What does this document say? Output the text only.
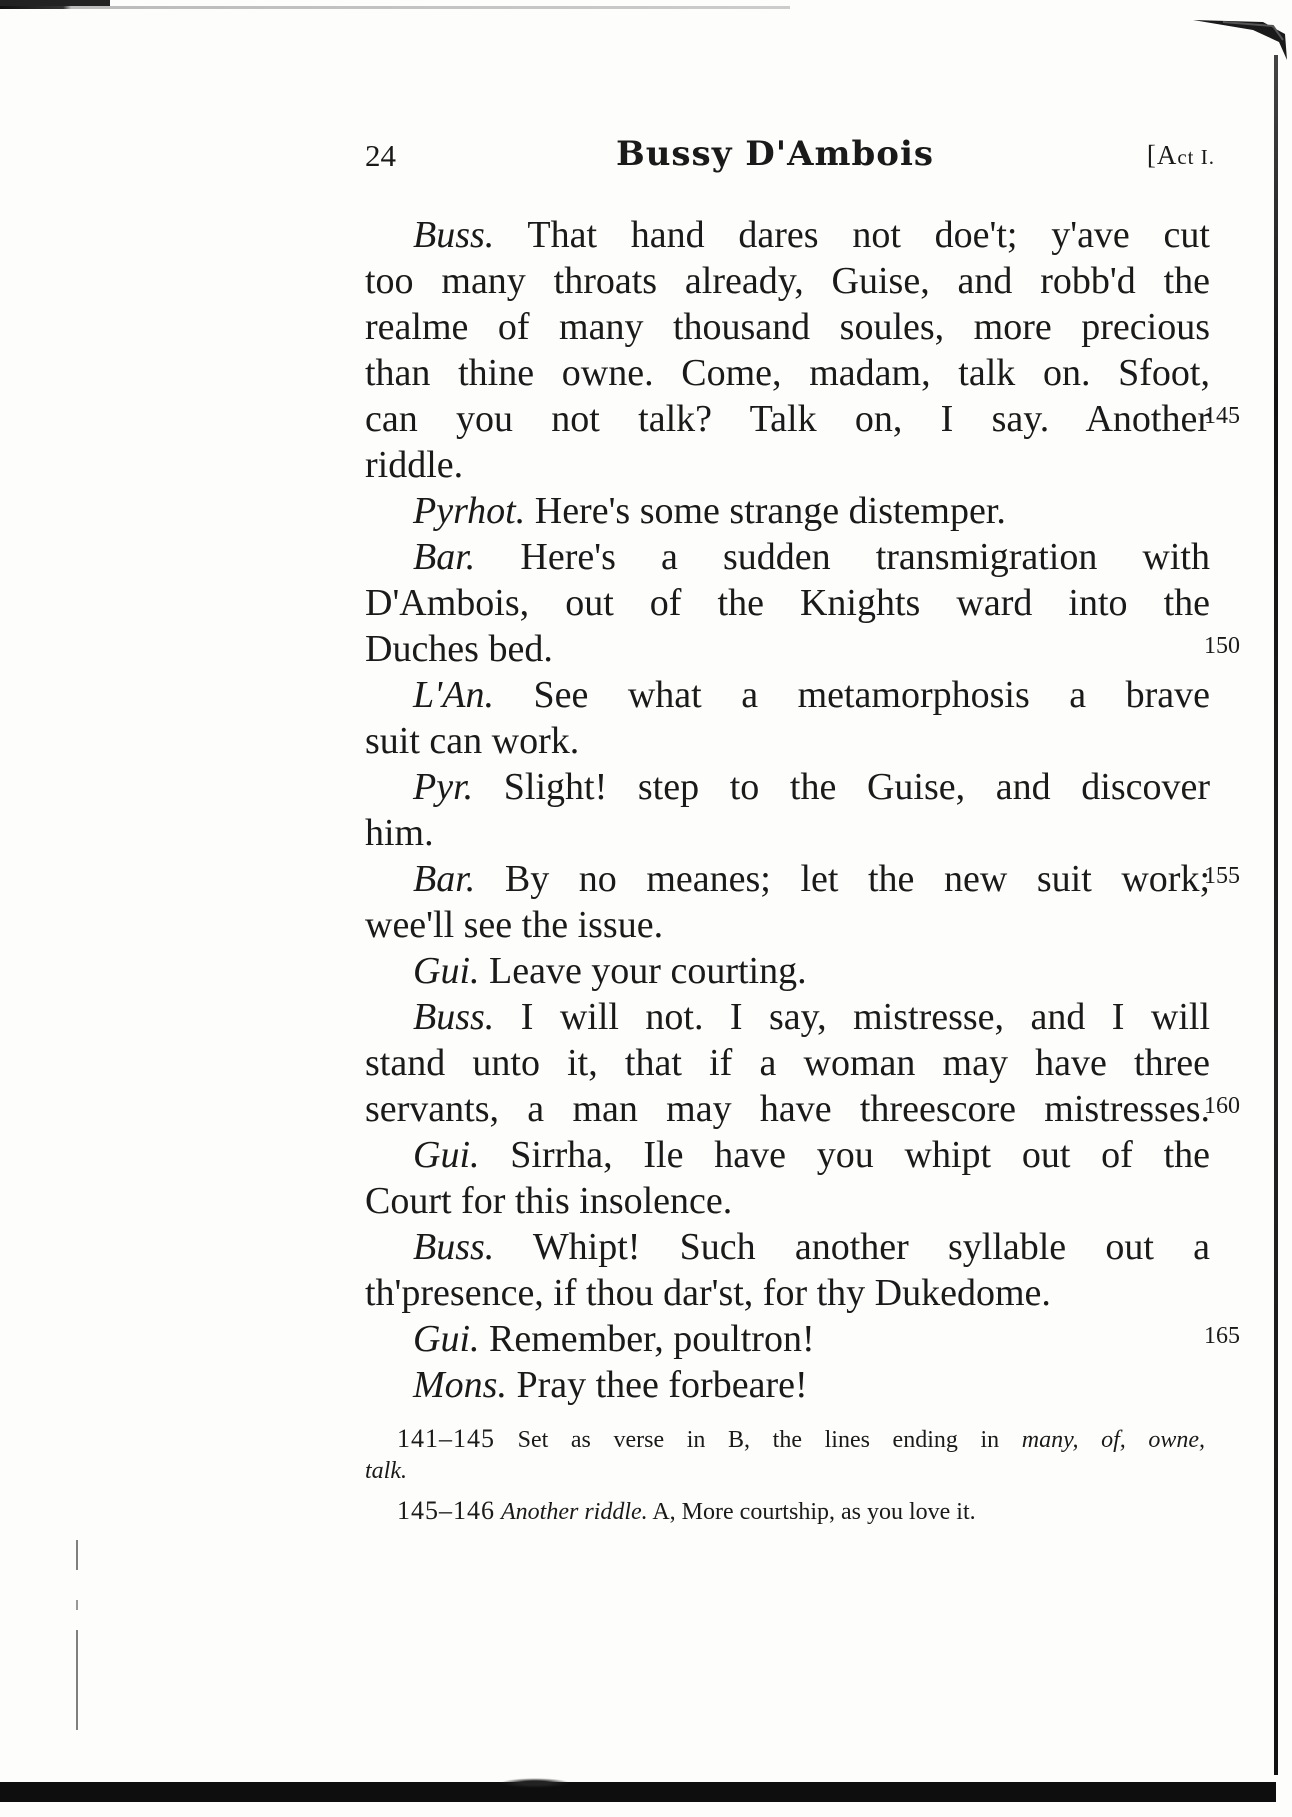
24	Bussy D'Ambois	[Act I.
Buss. That hand dares not doe't; y'ave cut
too many throats already, Guise, and robb'd the
realme of many thousand soules, more precious
than thine owne. Come, madam, talk on. Sfoot,
can you not talk? Talk on, I say. Another
145
riddle.
Pyrhot. Here's some strange distemper.
Bar. Here's a sudden transmigration with
D'Ambois, out of the Knights ward into the
Duches bed.	150
L'An. See what a metamorphosis a brave
suit can work.
Pyr. Slight! step to the Guise, and discover
him.
Bar. By no meanes; let the new suit work;
155
wee'll see the issue.
Gui. Leave your courting.
Buss. I will not. I say, mistresse, and I will
stand unto it, that if a woman may have three
servants, a man may have threescore mistresses.
160
Gui. Sirrha, Ile have you whipt out of the
Court for this insolence.
Buss. Whipt! Such another syllable out a
th'presence, if thou dar'st, for thy Dukedome.
Gui. Remember, poultron!	165
Mons. Pray thee forbeare!
141–145 Set as verse in B, the lines ending in many, of, owne,
talk.
145–146 Another riddle. A, More courtship, as you love it.
